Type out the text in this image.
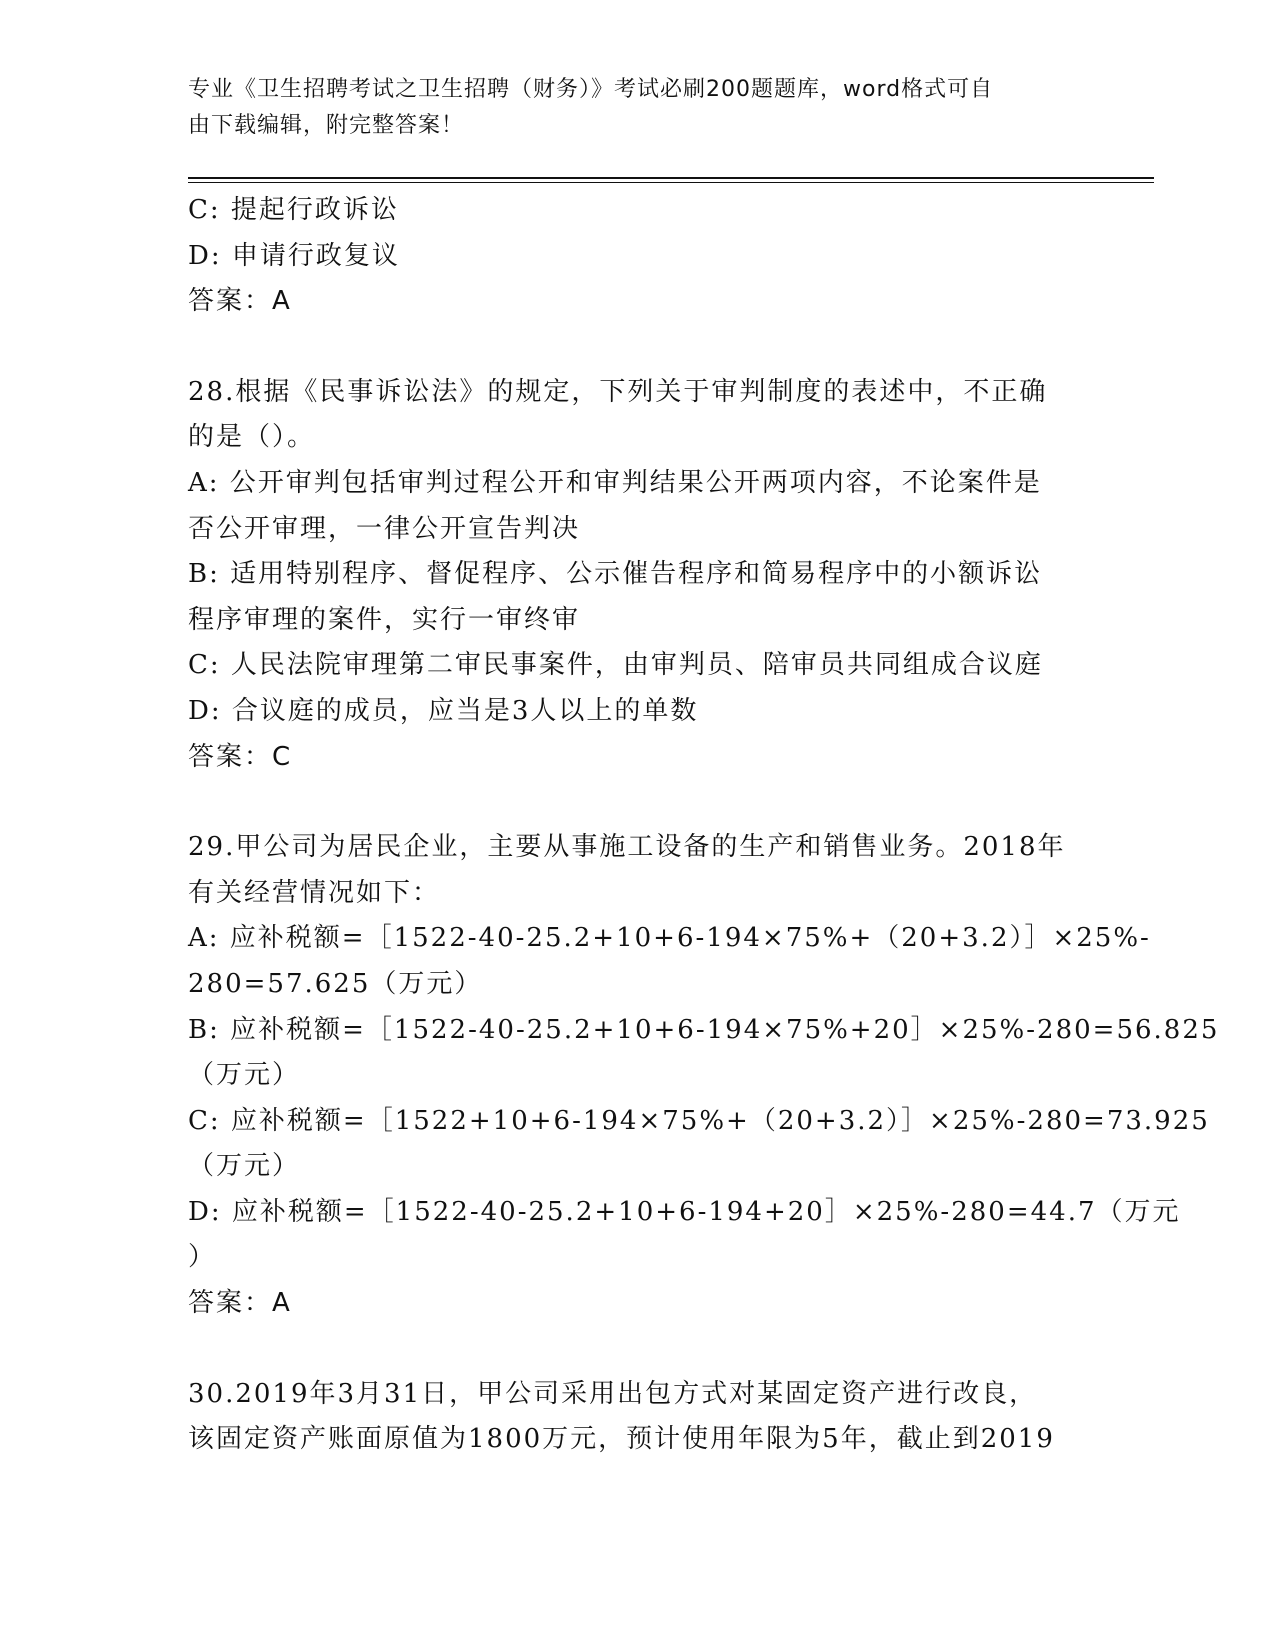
专业《卫生招聘考试之卫生招聘（财务）》考试必刷200题题库，word格式可自
由下载编辑，附完整答案！
C: 提起行政诉讼
D: 申请行政复议
答案：A
28.根据《民事诉讼法》的规定，下列关于审判制度的表述中，不正确
的是（）。
A: 公开审判包括审判过程公开和审判结果公开两项内容，不论案件是
否公开审理，一律公开宣告判决
B: 适用特别程序、督促程序、公示催告程序和简易程序中的小额诉讼
程序审理的案件，实行一审终审
C: 人民法院审理第二审民事案件，由审判员、陪审员共同组成合议庭
D: 合议庭的成员，应当是3人以上的单数
答案：C
29.甲公司为居民企业，主要从事施工设备的生产和销售业务。2018年
有关经营情况如下：
A: 应补税额=［1522-40-25.2+10+6-194×75%+（20+3.2）］×25%-
280=57.625（万元）
B: 应补税额=［1522-40-25.2+10+6-194×75%+20］×25%-280=56.825
（万元）
C: 应补税额=［1522+10+6-194×75%+（20+3.2）］×25%-280=73.925
（万元）
D: 应补税额=［1522-40-25.2+10+6-194+20］×25%-280=44.7（万元
）
答案：A
30.2019年3月31日，甲公司采用出包方式对某固定资产进行改良，
该固定资产账面原值为1800万元，预计使用年限为5年，截止到2019
